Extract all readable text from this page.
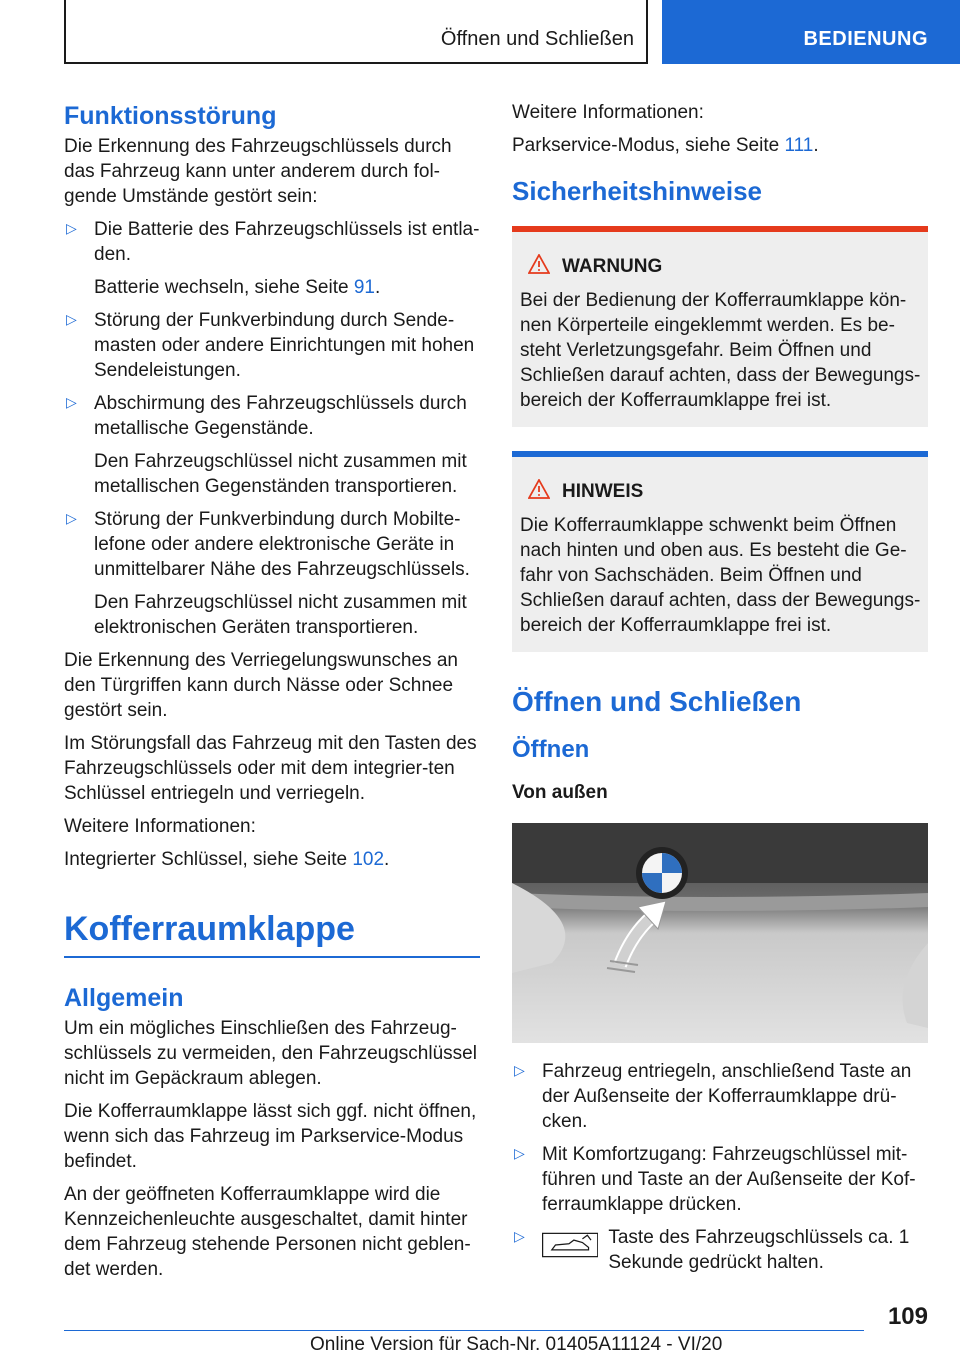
Öffnen und Schließen	BEDIENUNG
Funktionsstörung

Die Erkennung des Fahrzeugschlüssels durch das Fahrzeug kann unter anderem durch fol-gende Umstände gestört sein:

▷ Die Batterie des Fahrzeugschlüssels ist entla-den.

Batterie wechseln, siehe Seite 91.

▷ Störung der Funkverbindung durch Sende-masten oder andere Einrichtungen mit hohen Sendeleistungen.

▷ Abschirmung des Fahrzeugschlüssels durch metallische Gegenstände.

Den Fahrzeugschlüssel nicht zusammen mit metallischen Gegenständen transportieren.

▷ Störung der Funkverbindung durch Mobilte-lefone oder andere elektronische Geräte in unmittelbarer Nähe des Fahrzeugschlüssels.

Den Fahrzeugschlüssel nicht zusammen mit elektronischen Geräten transportieren.

Die Erkennung des Verriegelungswunsches an den Türgriffen kann durch Nässe oder Schnee gestört sein.

Im Störungsfall das Fahrzeug mit den Tasten des Fahrzeugschlüssels oder mit dem integrier-ten Schlüssel entriegeln und verriegeln.

Weitere Informationen:

Integrierter Schlüssel, siehe Seite 102.

Kofferraumklappe
Allgemein

Um ein mögliches Einschließen des Fahrzeug-schlüssels zu vermeiden, den Fahrzeugschlüssel nicht im Gepäckraum ablegen.

Die Kofferraumklappe lässt sich ggf. nicht öffnen, wenn sich das Fahrzeug im Parkservice-Modus befindet.

An der geöffneten Kofferraumklappe wird die Kennzeichenleuchte ausgeschaltet, damit hinter dem Fahrzeug stehende Personen nicht geblen-det werden.

Weitere Informationen:

Parkservice-Modus, siehe Seite 111.

Sicherheitshinweise
WARNUNG

Bei der Bedienung der Kofferraumklappe kön-nen Körperteile eingeklemmt werden. Es be-steht Verletzungsgefahr. Beim Öffnen und Schließen darauf achten, dass der Bewegungs-bereich der Kofferraumklappe frei ist.

HINWEIS

Die Kofferraumklappe schwenkt beim Öffnen nach hinten und oben aus. Es besteht die Ge-fahr von Sachschäden. Beim Öffnen und Schließen darauf achten, dass der Bewegungs-bereich der Kofferraumklappe frei ist.

Öffnen und Schließen
Öffnen
Von außen

▷ Fahrzeug entriegeln, anschließend Taste an der Außenseite der Kofferraumklappe drü-cken.

▷ Mit Komfortzugang: Fahrzeugschlüssel mit-führen und Taste an der Außenseite der Kof-ferraumklappe drücken.

▷ Taste des Fahrzeugschlüssels ca. 1 Sekunde gedrückt halten.

109
Online Version für Sach-Nr. 01405A11124 - VI/20
